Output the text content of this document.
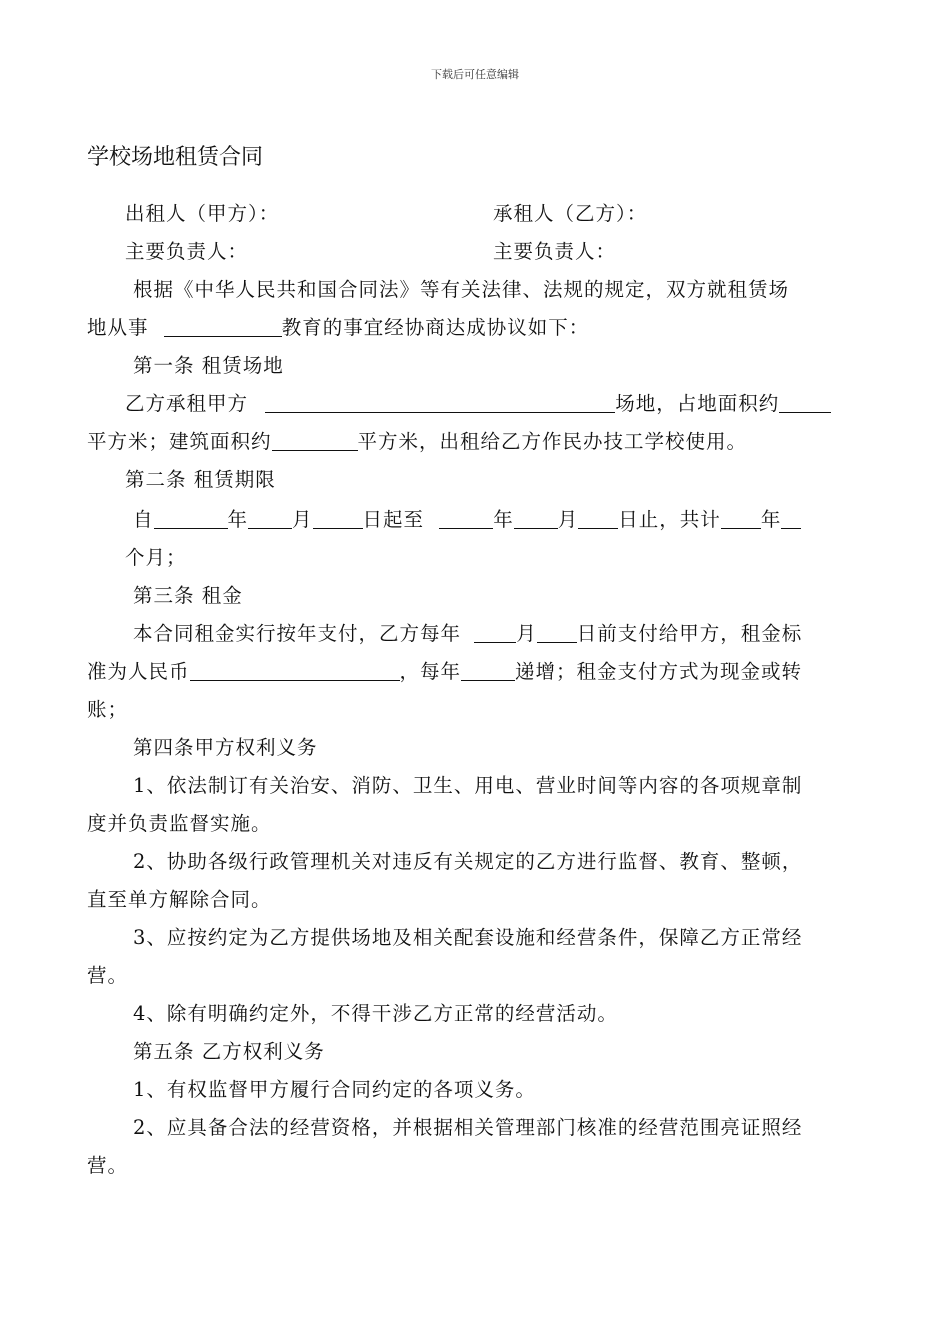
下载后可任意编辑
学校场地租赁合同
出租人（甲方）：	承租人（乙方）：
主要负责人：	主要负责人：
根据《中华人民共和国合同法》等有关法律、法规的规定，双方就租赁场
地从事	教育的事宜经协商达成协议如下：
第一条 租赁场地
乙方承租甲方	场地，占地面积约
平方米；建筑面积约	平方米，出租给乙方作民办技工学校使用。
第二条 租赁期限
自	年 月	日起至	年 月 日止，共计 年
个月；
第三条 租金
本合同租金实行按年支付，乙方每年	月 日前支付给甲方，租金标
准为人民币	，每年	递增；租金支付方式为现金或转
账；
第四条甲方权利义务
1、依法制订有关治安、消防、卫生、用电、营业时间等内容的各项规章制
度并负责监督实施。
2、协助各级行政管理机关对违反有关规定的乙方进行监督、教育、整顿，
直至单方解除合同。
3、应按约定为乙方提供场地及相关配套设施和经营条件，保障乙方正常经
营。
4、除有明确约定外，不得干涉乙方正常的经营活动。
第五条 乙方权利义务
1、有权监督甲方履行合同约定的各项义务。
2、应具备合法的经营资格，并根据相关管理部门核准的经营范围亮证照经
营。
